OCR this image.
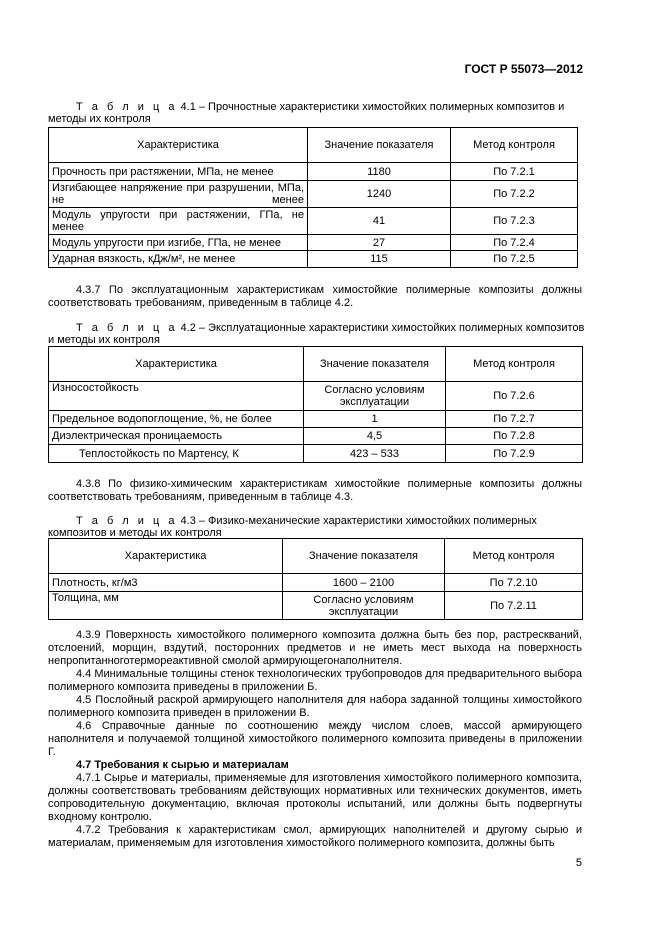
ГОСТ Р 55073—2012
Т а б л и ц а 4.1 – Прочностные характеристики химостойких полимерных композитов и методы их контроля
Характеристика	Значение показателя	Метод контроля
Прочность при растяжении, МПа, не менее	1180	По 7.2.1
Изгибающее напряжение при разрушении, МПа, не менее	1240	По 7.2.2
Модуль упругости при растяжении, ГПа, не менее	41	По 7.2.3
Модуль упругости при изгибе, ГПа, не менее	27	По 7.2.4
Ударная вязкость, кДж/м², не менее	115	По 7.2.5

4.3.7 По эксплуатационным характеристикам химостойкие полимерные композиты должны соответствовать требованиям, приведенным в таблице 4.2.

Т а б л и ц а 4.2 – Эксплуатационные характеристики химостойких полимерных композитов и методы их контроля
Характеристика	Значение показателя	Метод контроля
Износостойкость	Согласно условиям эксплуатации	По 7.2.6
Предельное водопоглощение, %, не более	1	По 7.2.7
Диэлектрическая проницаемость	4,5	По 7.2.8
Теплостойкость по Мартенсу, К	423 – 533	По 7.2.9

4.3.8 По физико-химическим характеристикам химостойкие полимерные композиты должны соответствовать требованиям, приведенным в таблице 4.3.

Т а б л и ц а 4.3 – Физико-механические характеристики химостойких полимерных композитов и методы их контроля
Характеристика	Значение показателя	Метод контроля
Плотность, кг/м3	1600 – 2100	По 7.2.10
Толщина, мм	Согласно условиям эксплуатации	По 7.2.11

4.3.9 Поверхность химостойкого полимерного композита должна быть без пор, растрескваний, отслоений, морщин, вздутий, посторонних предметов и не иметь мест выхода на поверхность непропитанноготермореактивной смолой армирующегонаполнителя.

4.4 Минимальные толщины стенок технологических трубопроводов для предварительного выбора полимерного композита приведены в приложении Б.

4.5 Послойный раскрой армирующего наполнителя для набора заданной толщины химостойкого полимерного композита приведен в приложении В.

4.6 Справочные данные по соотношению между числом слоев, массой армирующего наполнителя и получаемой толщиной химостойкого полимерного композита приведены в приложении Г.

4.7 Требования к сырью и материалам

4.7.1 Сырье и материалы, применяемые для изготовления химостойкого полимерного композита, должны соответствовать требованиям действующих нормативных или технических документов, иметь сопроводительную документацию, включая протоколы испытаний, или должны быть подвергнуты входному контролю.

4.7.2 Требования к характеристикам смол, армирующих наполнителей и другому сырью и материалам, применяемым для изготовления химостойкого полимерного композита, должны быть

5
